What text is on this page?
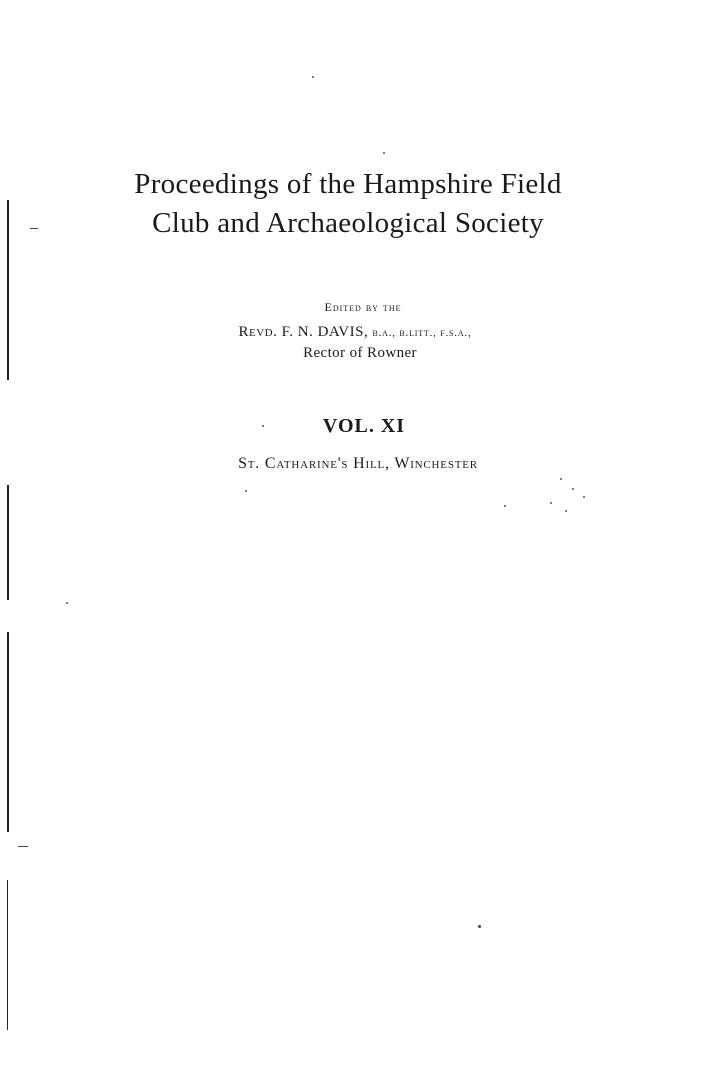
Proceedings of the Hampshire Field
Club and Archaeological Society
Edited by the
Revd. F. N. DAVIS, b.a., b.litt., f.s.a.,
Rector of Rowner
VOL. XI
St. Catharine's Hill, Winchester
